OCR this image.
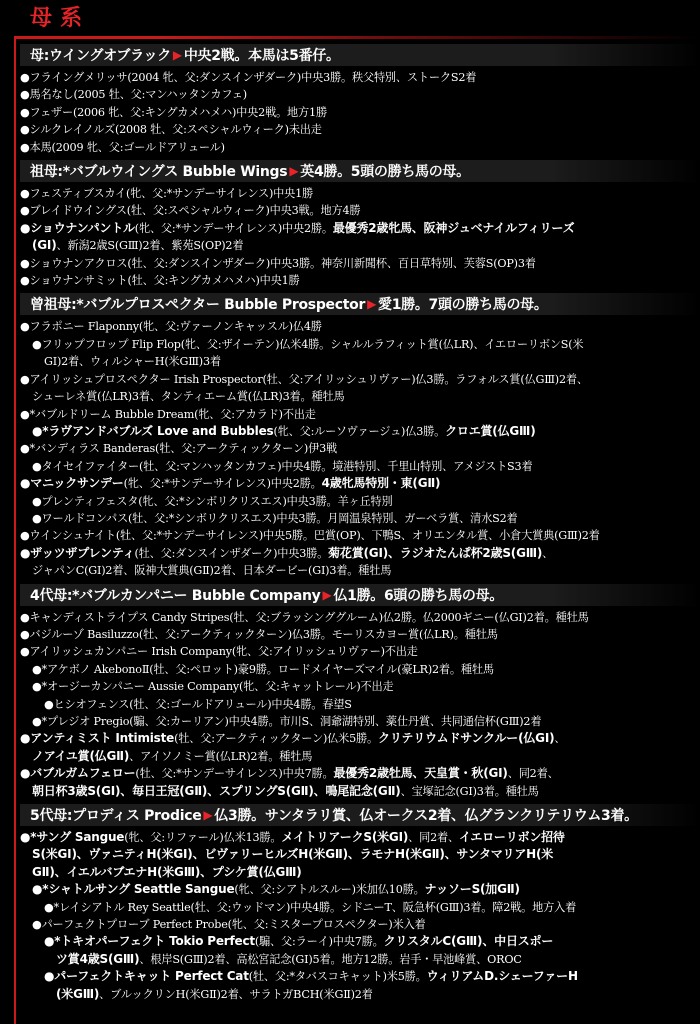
母系
母:ウイングオブラック ▶ 中央2戦。本馬は5番仔。
●フライングメリッサ(2004 牝、父:ダンスインザダーク)中央3勝。秩父特別、ストークS2着
●馬名なし(2005 牡、父:マンハッタンカフェ)
●フェザー(2006 牝、父:キングカメハメハ)中央2戦。地方1勝
●シルクレイノルズ(2008 牡、父:スペシャルウィーク)未出走
●本馬(2009 牝、父:ゴールドアリュール)
祖母:*バブルウイングス Bubble Wings ▶ 英4勝。5頭の勝ち馬の母。
●フェスティブスカイ(牝、父:*サンデーサイレンス)中央1勝
●ブレイドウイングス(牡、父:スペシャルウィーク)中央3戦。地方4勝
●ショウナンパントル(牝、父:*サンデーサイレンス)中央2勝。最優秀2歳牝馬、阪神ジュベナイルフィリーズ
(GI)、新潟2歳S(GⅢ)2着、紫苑S(OP)2着
●ショウナンアクロス(牡、父:ダンスインザダーク)中央3勝。神奈川新聞杯、百日草特別、芙蓉S(OP)3着
●ショウナンサミット(牡、父:キングカメハメハ)中央1勝
曾祖母:*バブルプロスペクター Bubble Prospector ▶ 愛1勝。7頭の勝ち馬の母。
●フラポニー Flaponny(牝、父:ヴァーノンキャッスル)仏4勝
●フリップフロップ Flip Flop(牝、父:ザイーテン)仏米4勝。シャルルラフィット賞(仏LR)、イエローリボンS(米
GI)2着、ウィルシャーH(米GⅢ)3着
●アイリッシュプロスペクター Irish Prospector(牡、父:アイリッシュリヴァー)仏3勝。ラフォルス賞(仏GⅢ)2着、
シューレネ賞(仏LR)3着、タンティエーム賞(仏LR)3着。種牡馬
●*バブルドリーム Bubble Dream(牝、父:アカラド)不出走
●*ラヴアンドバブルズ Love and Bubbles(牝、父:ルーソヴァージュ)仏3勝。クロエ賞(仏GⅢ)
●*バンディラス Banderas(牡、父:アークティックターン)伊3戦
●タイセイファイター(牡、父:マンハッタンカフェ)中央4勝。境港特別、千里山特別、アメジストS3着
●マニックサンデー(牝、父:*サンデーサイレンス)中央2勝。4歳牝馬特別・東(GⅡ)
●プレンティフェスタ(牝、父:*シンボリクリスエス)中央3勝。羊ヶ丘特別
●ワールドコンパス(牡、父:*シンボリクリスエス)中央3勝。月岡温泉特別、ガーベラ賞、清水S2着
●ウインシュナイト(牡、父:*サンデーサイレンス)中央5勝。巴賞(OP)、下鴨S、オリエンタル賞、小倉大賞典(GⅢ)2着
●ザッツザプレンティ(牡、父:ダンスインザダーク)中央3勝。菊花賞(GI)、ラジオたんぱ杯2歳S(GⅢ)、
ジャパンC(GI)2着、阪神大賞典(GⅡ)2着、日本ダービー(GI)3着。種牡馬
4代母:*バブルカンパニー Bubble Company ▶ 仏1勝。6頭の勝ち馬の母。
●キャンディストライプス Candy Stripes(牡、父:ブラッシンググルーム)仏2勝。仏2000ギニー(仏GI)2着。種牡馬
●バジルーゾ Basiluzzo(牡、父:アークティックターン)仏3勝。モーリスカヨー賞(仏LR)。種牡馬
●アイリッシュカンパニー Irish Company(牝、父:アイリッシュリヴァー)不出走
●*アケボノ AkebonoⅡ(牡、父:ペロット)豪9勝。ロードメイヤーズマイル(豪LR)2着。種牡馬
●*オージーカンパニー Aussie Company(牝、父:キャットレール)不出走
●ヒシオフェンス(牡、父:ゴールドアリュール)中央4勝。春望S
●*プレジオ Pregio(騸、父:カーリアン)中央4勝。市川S、洞爺湖特別、薬仕丹賞、共同通信杯(GⅢ)2着
●アンティミスト Intimiste(牡、父:アークティックターン)仏米5勝。クリテリウムドサンクルー(仏GI)、
ノアイユ賞(仏GⅡ)、アイソノミー賞(仏LR)2着。種牡馬
●バブルガムフェロー(牡、父:*サンデーサイレンス)中央7勝。最優秀2歳牡馬、天皇賞・秋(GI)、同2着、
朝日杯3歳S(GI)、毎日王冠(GⅡ)、スプリングS(GⅡ)、鳴尾記念(GⅡ)、宝塚記念(GI)3着。種牡馬
5代母:プロディス Prodice ▶ 仏3勝。サンタラリ賞、仏オークス2着、仏グランクリテリウム3着。
●*サング Sangue(牝、父:リファール)仏米13勝。メイトリアークS(米GI)、同2着、イエローリボン招待
S(米GI)、ヴァニティH(米GI)、ビヴァリーヒルズH(米GⅡ)、ラモナH(米GⅡ)、サンタマリアH(米
GⅡ)、イエルバブエナH(米GⅢ)、プシケ賞(仏GⅢ)
●*シャトルサング Seattle Sangue(牝、父:シアトルスルー)米加仏10勝。ナッソーS(加GⅡ)
●*レイシアトル Rey Seattle(牡、父:ウッドマン)中央4勝。シドニーT、阪急杯(GⅢ)3着。障2戦。地方入着
●パーフェクトプローブ Perfect Probe(牝、父:ミスタープロスペクター)米入着
●*トキオパーフェクト Tokio Perfect(騸、父:ラーイ)中央7勝。クリスタルC(GⅢ)、中日スポー
ツ賞4歳S(GⅢ)、根岸S(GⅢ)2着、高松宮記念(GI)5着。地方12勝。岩手・早池峰賞、OROC
●パーフェクトキャット Perfect Cat(牡、父:*タバスコキャット)米5勝。ウィリアムD.シェーファーH
(米GⅢ)、ブルックリンH(米GⅡ)2着、サラトガBCH(米GⅡ)2着
